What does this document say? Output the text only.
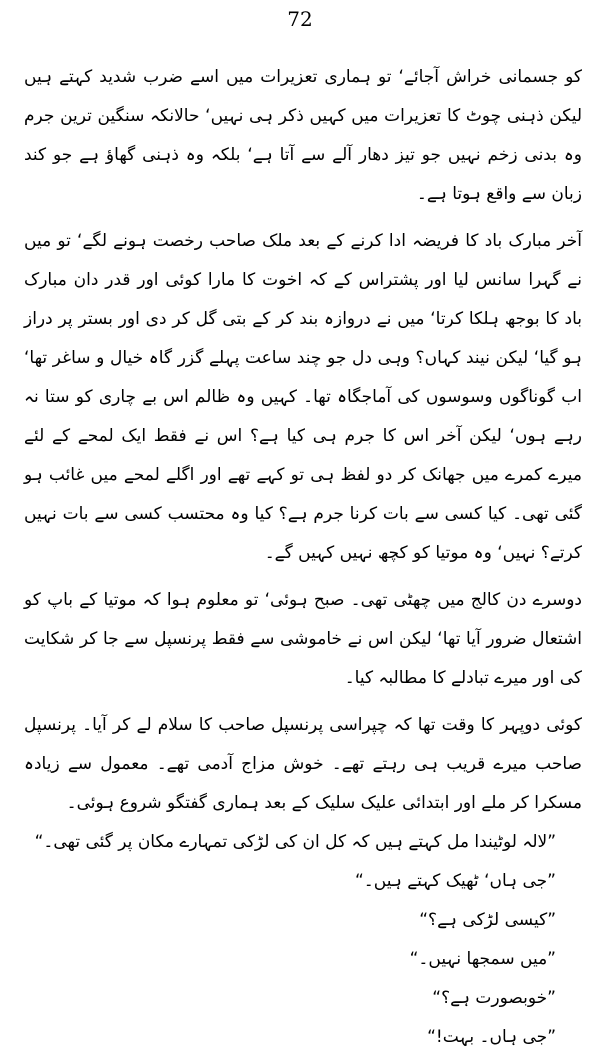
72

کو جسمانی خراش آجائے‘ تو ہماری تعزیرات میں اسے ضرب شدید کہتے ہیں لیکن ذہنی چوٹ کا تعزیرات میں کہیں ذکر ہی نہیں‘ حالانکہ سنگین ترین جرم وہ بدنی زخم نہیں جو تیز دھار آلے سے آتا ہے‘ بلکہ وہ ذہنی گھاؤ ہے جو کند زبان سے واقع ہوتا ہے۔

آخر مبارک باد کا فریضہ ادا کرنے کے بعد ملک صاحب رخصت ہونے لگے‘ تو میں نے گہرا سانس لیا اور پشتراس کے کہ اخوت کا مارا کوئی اور قدر دان مبارک باد کا بوجھ ہلکا کرتا‘ میں نے دروازہ بند کر کے بتی گل کر دی اور بستر پر دراز ہو گیا‘ لیکن نیند کہاں؟ وہی دل جو چند ساعت پہلے گزر گاہ خیال و ساغر تھا‘ اب گوناگوں وسوسوں کی آماجگاہ تھا۔ کہیں وہ ظالم اس بے چاری کو ستا نہ رہے ہوں‘ لیکن آخر اس کا جرم ہی کیا ہے؟ اس نے فقط ایک لمحے کے لئے میرے کمرے میں جھانک کر دو لفظ ہی تو کہے تھے اور اگلے لمحے میں غائب ہو گئی تھی۔ کیا کسی سے بات کرنا جرم ہے؟ کیا وہ محتسب کسی سے بات نہیں کرتے؟ نہیں‘ وہ موتیا کو کچھ نہیں کہیں گے۔

دوسرے دن کالج میں چھٹی تھی۔ صبح ہوئی‘ تو معلوم ہوا کہ موتیا کے باپ کو اشتعال ضرور آیا تھا‘ لیکن اس نے خاموشی سے فقط پرنسپل سے جا کر شکایت کی اور میرے تبادلے کا مطالبہ کیا۔

کوئی دوپہر کا وقت تھا کہ چپراسی پرنسپل صاحب کا سلام لے کر آیا۔ پرنسپل صاحب میرے قریب ہی رہتے تھے۔ خوش مزاج آدمی تھے۔ معمول سے زیادہ مسکرا کر ملے اور ابتدائی علیک سلیک کے بعد ہماری گفتگو شروع ہوئی۔

”لالہ لوٹیندا مل کہتے ہیں کہ کل ان کی لڑکی تمہارے مکان پر گئی تھی۔“

”جی ہاں‘ ٹھیک کہتے ہیں۔“

”کیسی لڑکی ہے؟“

”میں سمجھا نہیں۔“

”خوبصورت ہے؟“

”جی ہاں۔ بہت!“
